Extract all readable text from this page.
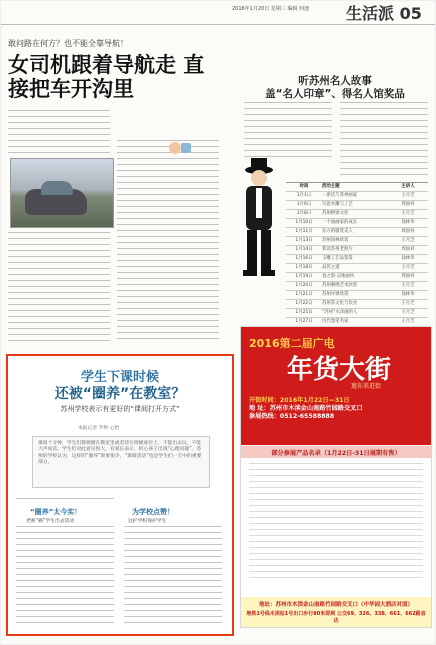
2016年1月20日 星期三 编辑 何池 生活派 05
敢问路在何方？也不能全靠导航！
女司机跟着导航走 直接把车开沟里	听苏州名人故事
盖“名人印章”、得名人馆奖品
时间	活动主题	主讲人
1月1日	一席话与苏州画家	王月芝
1月6日	写意木雕与工艺	周国祥
1月8日	苏州桥梁文化	王月芝
1月10日	一个油画家的成长	徐林华
1月11日	东方的服装美人	周国祥
1月13日	苏州园林欣赏	王月芝
1月14日	我读苏州老照片	周国祥
1月16日	玉雕工艺品鉴赏	徐林华
1月18日	品茗之道	王月芝
1月19日	春之韵·吴地画风	周国祥
1月20日	苏州刺绣艺术欣赏	王月芝
1月21日	苏州评弹欣赏	徐林华
1月22日	苏州茶文化与饮食	王月芝
1月25日	“苏州”水泽画的人	王月芝
1月27日	历代墨笔名家	王月芝
学生下课时候
还被“圈养”在教室？
苏州学校表示有更好的“课间打开方式”
本报记者 罗婷 心怡
课间十分钟，学生们都被圈在教室里或者待在班级座位上，不能出去玩，不能大声说话。学生们对此意见很大，有家长表示，担心孩子出现“心理问题”。苏州的学校认为，这样的“圈养”现象很少，“课间活动”也是学生们一天中的重要部分。
“圈养”太今实！
老师“痛”学生出去活动
为学校点赞！
这护学校保护学生
2016第二届广电
年货大街
邀你来逛街
开街时间：2016年1月22日—31日
地 址：苏州市木渎金山南路竹园路交叉口
参展热线：0512-65588888
部分参展产品名录（1月22日-31日展期有售）
地址：苏州市木渎金山南路竹园路交叉口（中华园大酒店对面）
地铁1号线木渎站1号出口步行80米即到 公交69、326、338、661、662路直达
